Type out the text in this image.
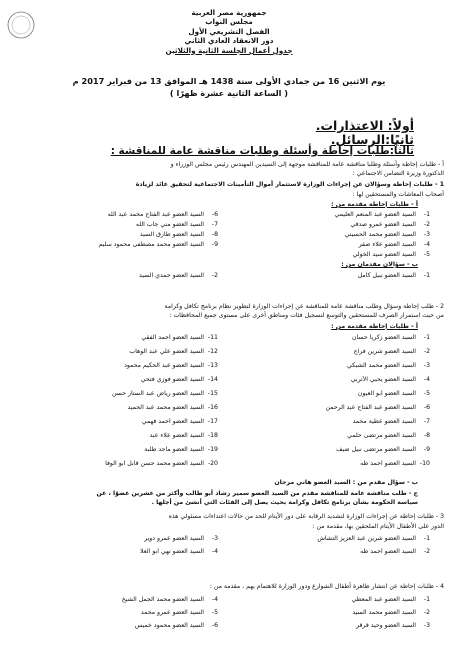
جمهورية مصر العربية
مجلس النواب
الفصل التشريعي الأول
دور الانعقاد العادي الثاني
جدول أعمال الجلسة الثانية والثلاثين
يوم الاثنين 16 من جمادي الأولى سنة 1438 هـ الموافق 13 من فبراير 2017 م
( الساعة الثانية عشرة ظهرًا )
أولاً: الاعتذارات.
ثانيًا:الرسائل.
ثالثاً:طلبات إحاطة وأسئلة وطلبات مناقشة عامة للمناقشة :
أ - طلبات إحاطة وأسئلة وطلبا مناقشة عامة للمناقشة موجهة إلى السيدين المهندس رئيس مجلس الوزراء و
الدكتورة وزيرة التضامن الاجتماعي :
1 - طلبات إحاطة وسؤالان عن إجراءات الوزارة لاستثمار أموال التأمينات الاجتماعية لتحقيق عائد لزيادة
أصحاب المعاشات والمستحقين لها :
أ - طلبات إحاطة مقدمة من :
1-
السيد العضو عبد المنعم العليمي
2-
السيد العضو عمرو صدقي
3-
السيد العضو محمد الحسيني
4-
السيد العضو علاء صقر
5-
السيد العضو سيد الخولي
6-
السيد العضو عبد الفتاح محمد عبد الله
7-
السيد العضو مني جاب الله
8-
السيد العضو طارق السيد
9-
السيد العضو محمد مصطفى محمود سليم
ب - سؤالان مقدمان من :
1-
السيد العضو نبيل كامل
2-
السيد العضو حمدي السيد
2 - طلب إحاطة وسؤال وطلب مناقشة عامة للمناقشة عن إجراءات الوزارة لتطوير نظام برنامج تكافل وكرامة
من حيث استمرار الصرف للمستحقين والتوسع لتسجيل فئات ومناطق أخرى على مستوى جميع المحافظات :
أ - طلبات إحاطة مقدمة من :
1-
السيد العضو زكريا حسان
2-
السيد العضو شرين فراج
3-
السيد العضو محمد الشبكي
4-
السيد العضو يحيي الأتربي
5-
السيد العضو أبو العيون
6-
السيد العضو عبد الفتاح عبد الرحمن
7-
السيد العضو عطية محمد
8-
السيد العضو مرتضى حلمي
9-
السيد العضو مرتضى نبيل ضيف
10-
السيد العضو أحمد طه
11-
السيد العضو أحمد الفقي
12-
السيد العضو علي عبد الوهاب
13-
السيد العضو عبد الحكيم محمود
14-
السيد العضو فوزي فتحي
15-
السيد العضو رياض عبد الستار حسن
16-
السيد العضو محمد عبد الحميد
17-
السيد العضو أحمد فهمي
18-
السيد العضو علاء عبد
19-
السيد العضو ماجد طلبة
20-
السيد العضو محمد حسن قابل أبو الوفا
ب - سؤال مقدم من : السيد العضو هاني مرجان
ج - طلب مناقشة عامة للمناقشة مقدم من السيد العضو سمير رشاد أبو طالب وأكثر من عشرين عضوًا ، عن
سياسة الحكومة بشأن برنامج تكافل وكرامة بحيث يصل إلى الفئات التي أنشئ من أجلها .
3 - طلبات إحاطة عن إجراءات الوزارة لتشديد الرقابة على دور الأيتام للحد من حالات اعتداءات مسئولي هذه
الدور على الأطفال الأيتام الملحقين بها، مقدمة من :
1-
السيد العضو شرين عبد العزيز التشاش
2-
السيد العضو أحمد طه
3-
السيد العضو عمرو دوير
4-
السيد العضو نهي أبو العلا
4 - طلبات إحاطة عن انتشار ظاهرة أطفال الشوارع ودور الوزارة للاهتمام بهم ، مقدمة من :
1-
السيد العضو عبد المعطي
2-
السيد العضو محمد السيد
3-
السيد العضو وحيد قرقر
4-
السيد العضو محمد الجمل الشيخ
5-
السيد العضو عمرو محمد
6-
السيد العضو محمود خميس
